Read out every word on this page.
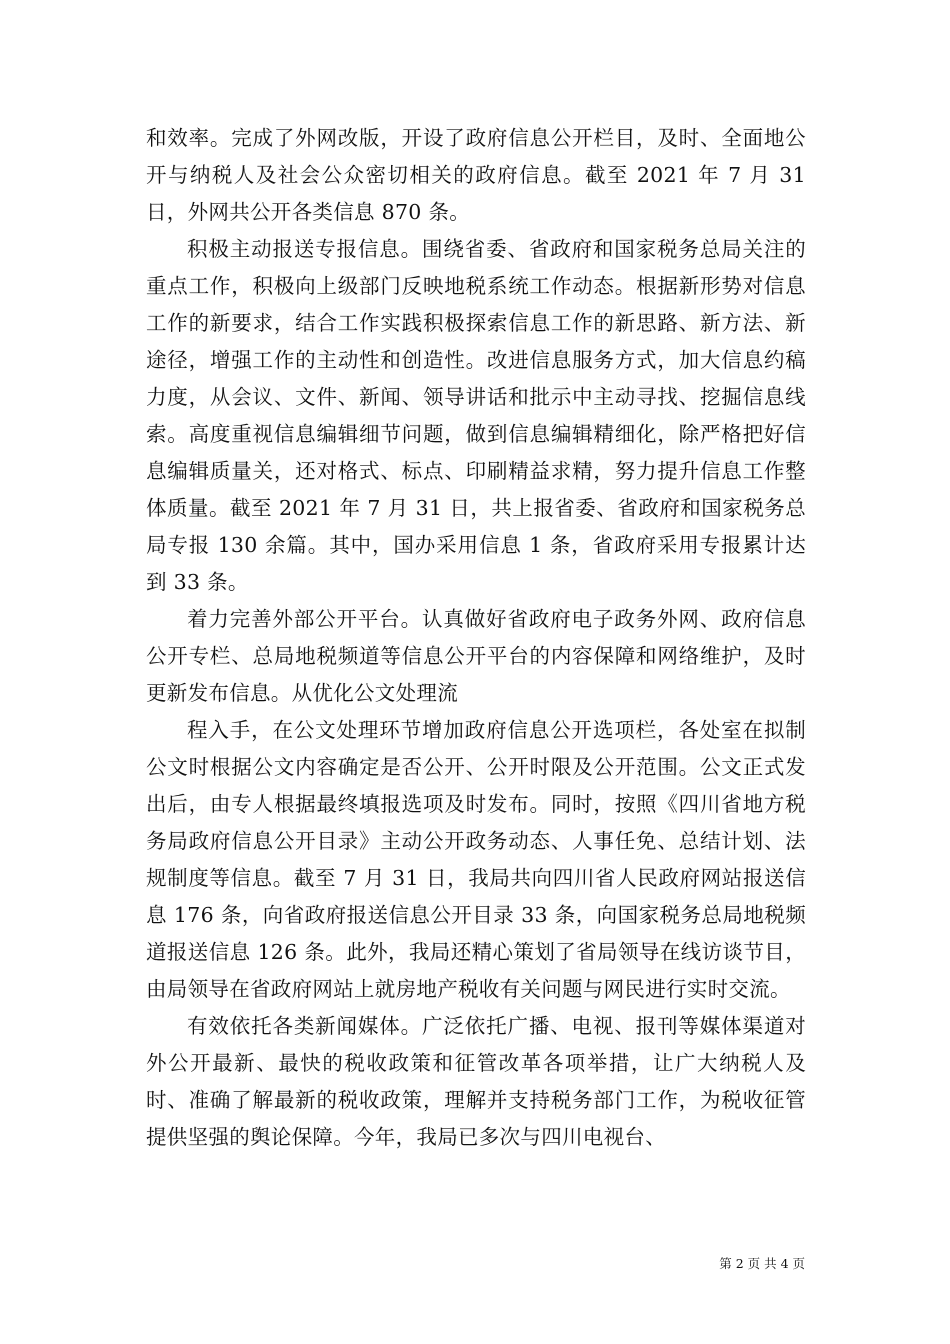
和效率。完成了外网改版，开设了政府信息公开栏目，及时、全面地公开与纳税人及社会公众密切相关的政府信息。截至 2021 年 7 月 31 日，外网共公开各类信息 870 条。

积极主动报送专报信息。围绕省委、省政府和国家税务总局关注的重点工作，积极向上级部门反映地税系统工作动态。根据新形势对信息工作的新要求，结合工作实践积极探索信息工作的新思路、新方法、新途径，增强工作的主动性和创造性。改进信息服务方式，加大信息约稿力度，从会议、文件、新闻、领导讲话和批示中主动寻找、挖掘信息线索。高度重视信息编辑细节问题，做到信息编辑精细化，除严格把好信息编辑质量关，还对格式、标点、印刷精益求精，努力提升信息工作整体质量。截至 2021 年 7 月 31 日，共上报省委、省政府和国家税务总局专报 130 余篇。其中，国办采用信息 1 条，省政府采用专报累计达到 33 条。

着力完善外部公开平台。认真做好省政府电子政务外网、政府信息公开专栏、总局地税频道等信息公开平台的内容保障和网络维护，及时更新发布信息。从优化公文处理流

程入手，在公文处理环节增加政府信息公开选项栏，各处室在拟制公文时根据公文内容确定是否公开、公开时限及公开范围。公文正式发出后，由专人根据最终填报选项及时发布。同时，按照《四川省地方税务局政府信息公开目录》主动公开政务动态、人事任免、总结计划、法规制度等信息。截至 7 月 31 日，我局共向四川省人民政府网站报送信息 176 条，向省政府报送信息公开目录 33 条，向国家税务总局地税频道报送信息 126 条。此外，我局还精心策划了省局领导在线访谈节目，由局领导在省政府网站上就房地产税收有关问题与网民进行实时交流。

有效依托各类新闻媒体。广泛依托广播、电视、报刊等媒体渠道对外公开最新、最快的税收政策和征管改革各项举措，让广大纳税人及时、准确了解最新的税收政策，理解并支持税务部门工作，为税收征管提供坚强的舆论保障。今年，我局已多次与四川电视台、

第 2 页 共 4 页
